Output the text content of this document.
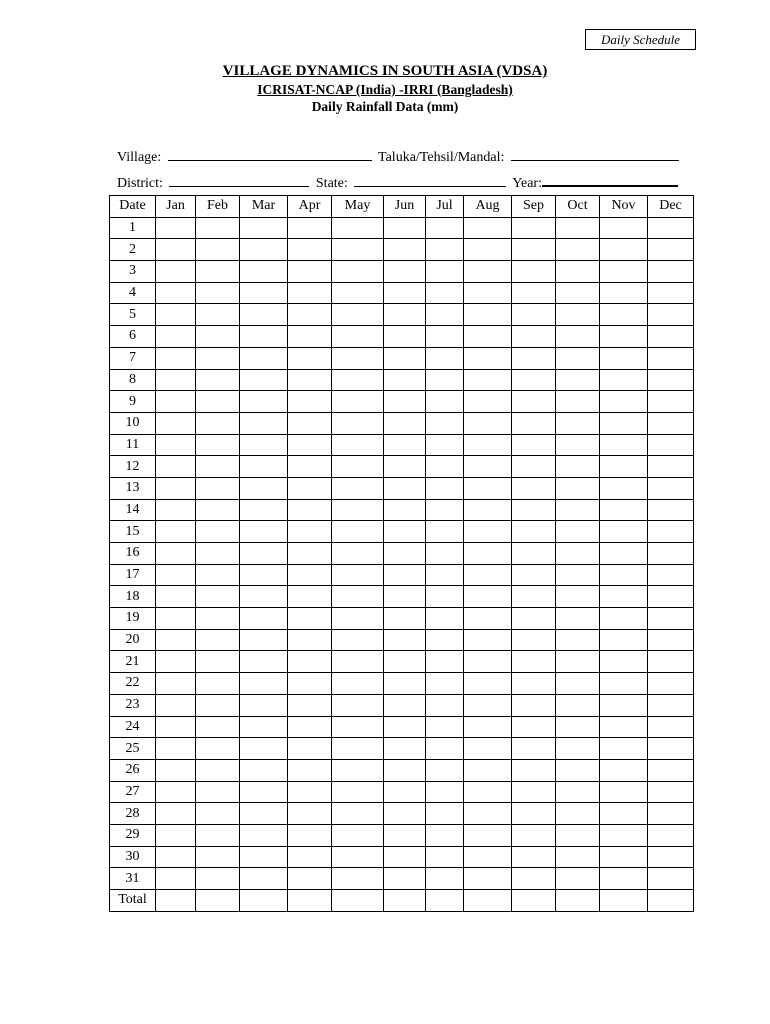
Daily Schedule
VILLAGE DYNAMICS IN SOUTH ASIA (VDSA)
ICRISAT-NCAP (India) -IRRI (Bangladesh)
Daily Rainfall Data (mm)
Village:	Taluka/Tehsil/Mandal:
District:	State:	Year:
Date	Jan	Feb	Mar	Apr	May	Jun	Jul	Aug	Sep	Oct	Nov	Dec
1												
2												
3												
4												
5												
6												
7												
8												
9												
10												
11												
12												
13												
14												
15												
16												
17												
18												
19												
20												
21												
22												
23												
24												
25												
26												
27												
28												
29												
30												
31												
Total												
